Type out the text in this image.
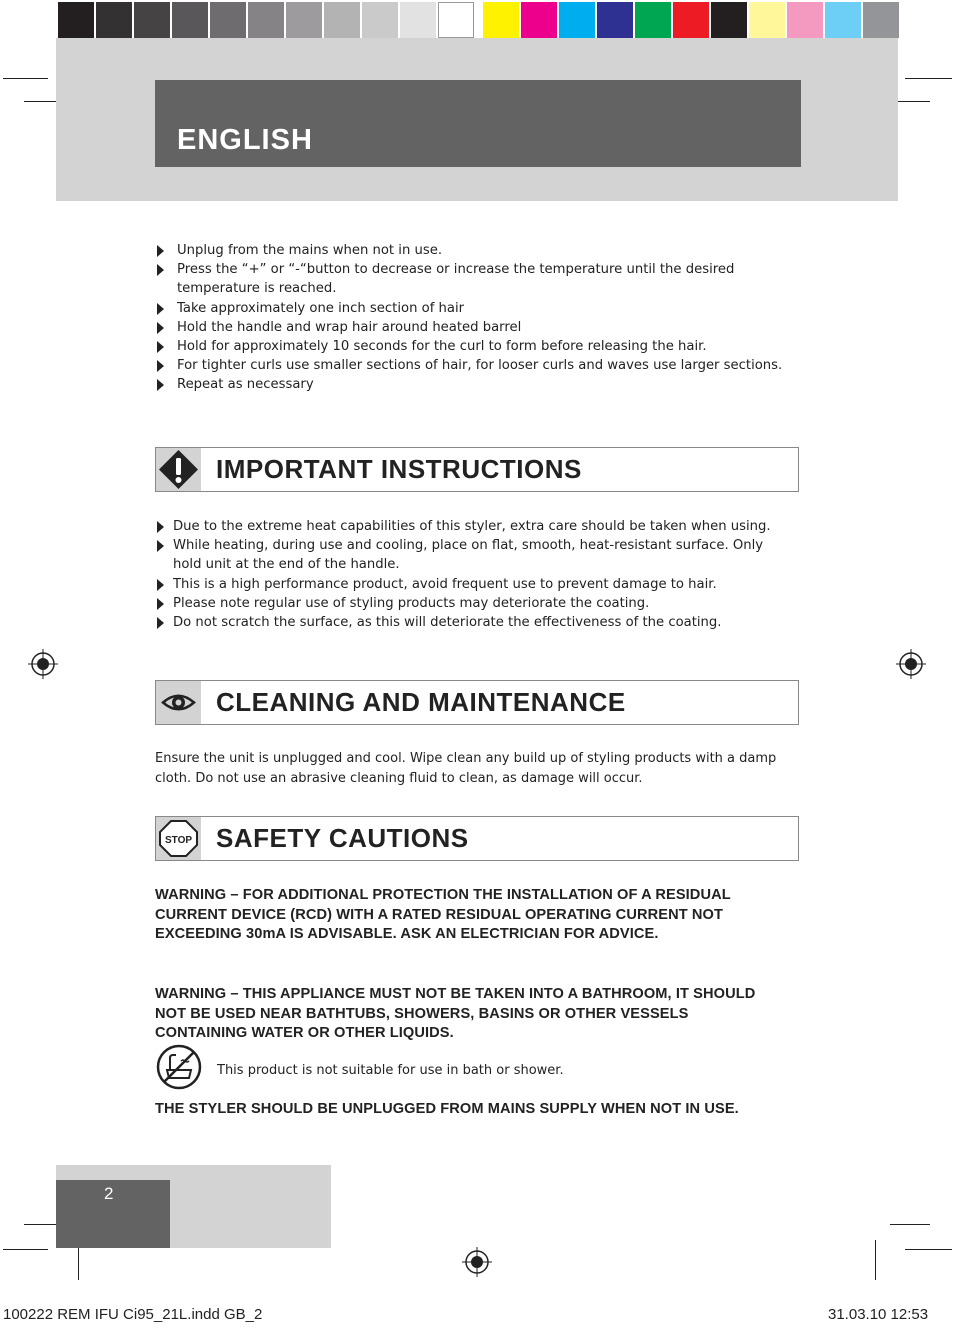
ENGLISH
Unplug from the mains when not in use.
Press the “+” or “-“button to decrease or increase the temperature until the desired temperature is reached.
Take approximately one inch section of hair
Hold the handle and wrap hair around heated barrel
Hold for approximately 10 seconds for the curl to form before releasing the hair.
For tighter curls use smaller sections of hair, for looser curls and waves use larger sections.
Repeat as necessary
IMPORTANT INSTRUCTIONS
Due to the extreme heat capabilities of this styler, extra care should be taken when using.
While heating, during use and cooling, place on flat, smooth, heat-resistant surface. Only hold unit at the end of the handle.
This is a high performance product, avoid frequent use to prevent damage to hair.
Please note regular use of styling products may deteriorate the coating.
Do not scratch the surface, as this will deteriorate the effectiveness of the coating.
CLEANING AND MAINTENANCE
Ensure the unit is unplugged and cool. Wipe clean any build up of styling products with a damp cloth. Do not use an abrasive cleaning fluid to clean, as damage will occur.
STOP SAFETY CAUTIONS
WARNING – FOR ADDITIONAL PROTECTION THE INSTALLATION OF A RESIDUAL CURRENT DEVICE (RCD) WITH A RATED RESIDUAL OPERATING CURRENT NOT EXCEEDING 30mA IS ADVISABLE. ASK AN ELECTRICIAN FOR ADVICE.
WARNING – THIS APPLIANCE MUST NOT BE TAKEN INTO A BATHROOM, IT SHOULD NOT BE USED NEAR BATHTUBS, SHOWERS, BASINS OR OTHER VESSELS CONTAINING WATER OR OTHER LIQUIDS.
This product is not suitable for use in bath or shower.
THE STYLER SHOULD BE UNPLUGGED FROM MAINS SUPPLY WHEN NOT IN USE.
2
100222 REM IFU Ci95_21L.indd GB_2	31.03.10 12:53
